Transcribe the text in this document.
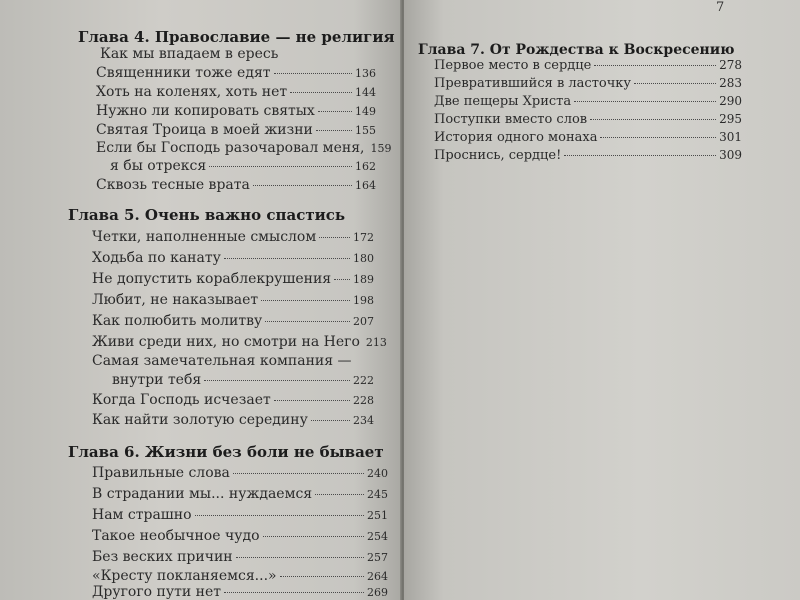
Глава 4. Православие — не религия
Как мы впадаем в ересь
Священники тоже едят	136
Хоть на коленях, хоть нет	144
Нужно ли копировать святых	149
Святая Троица в моей жизни	155
Если бы Господь разочаровал меня, 159
я бы отрекся	162
Сквозь тесные врата	164
Глава 5. Очень важно спастись
Четки, наполненные смыслом	172
Ходьба по канату	180
Не допустить кораблекрушения 189
Любит, не наказывает	198
Как полюбить молитву	207
Живи среди них, но смотри на Него 213
Самая замечательная компания —
внутри тебя	222
Когда Господь исчезает	228
Как найти золотую середину	234
Глава 6. Жизни без боли не бывает
Правильные слова	240
В страдании мы... нуждаемся	245
Нам страшно	251
Такое необычное чудо	254
Без веских причин	257
«Кресту покланяемся...»	264
Другого пути нет	269
Глава 7. От Рождества к Воскресению
Первое место в сердце	278
Превратившийся в ласточку	283
Две пещеры Христа	290
Поступки вместо слов	295
История одного монаха	301
Проснись, сердце!	309
7
